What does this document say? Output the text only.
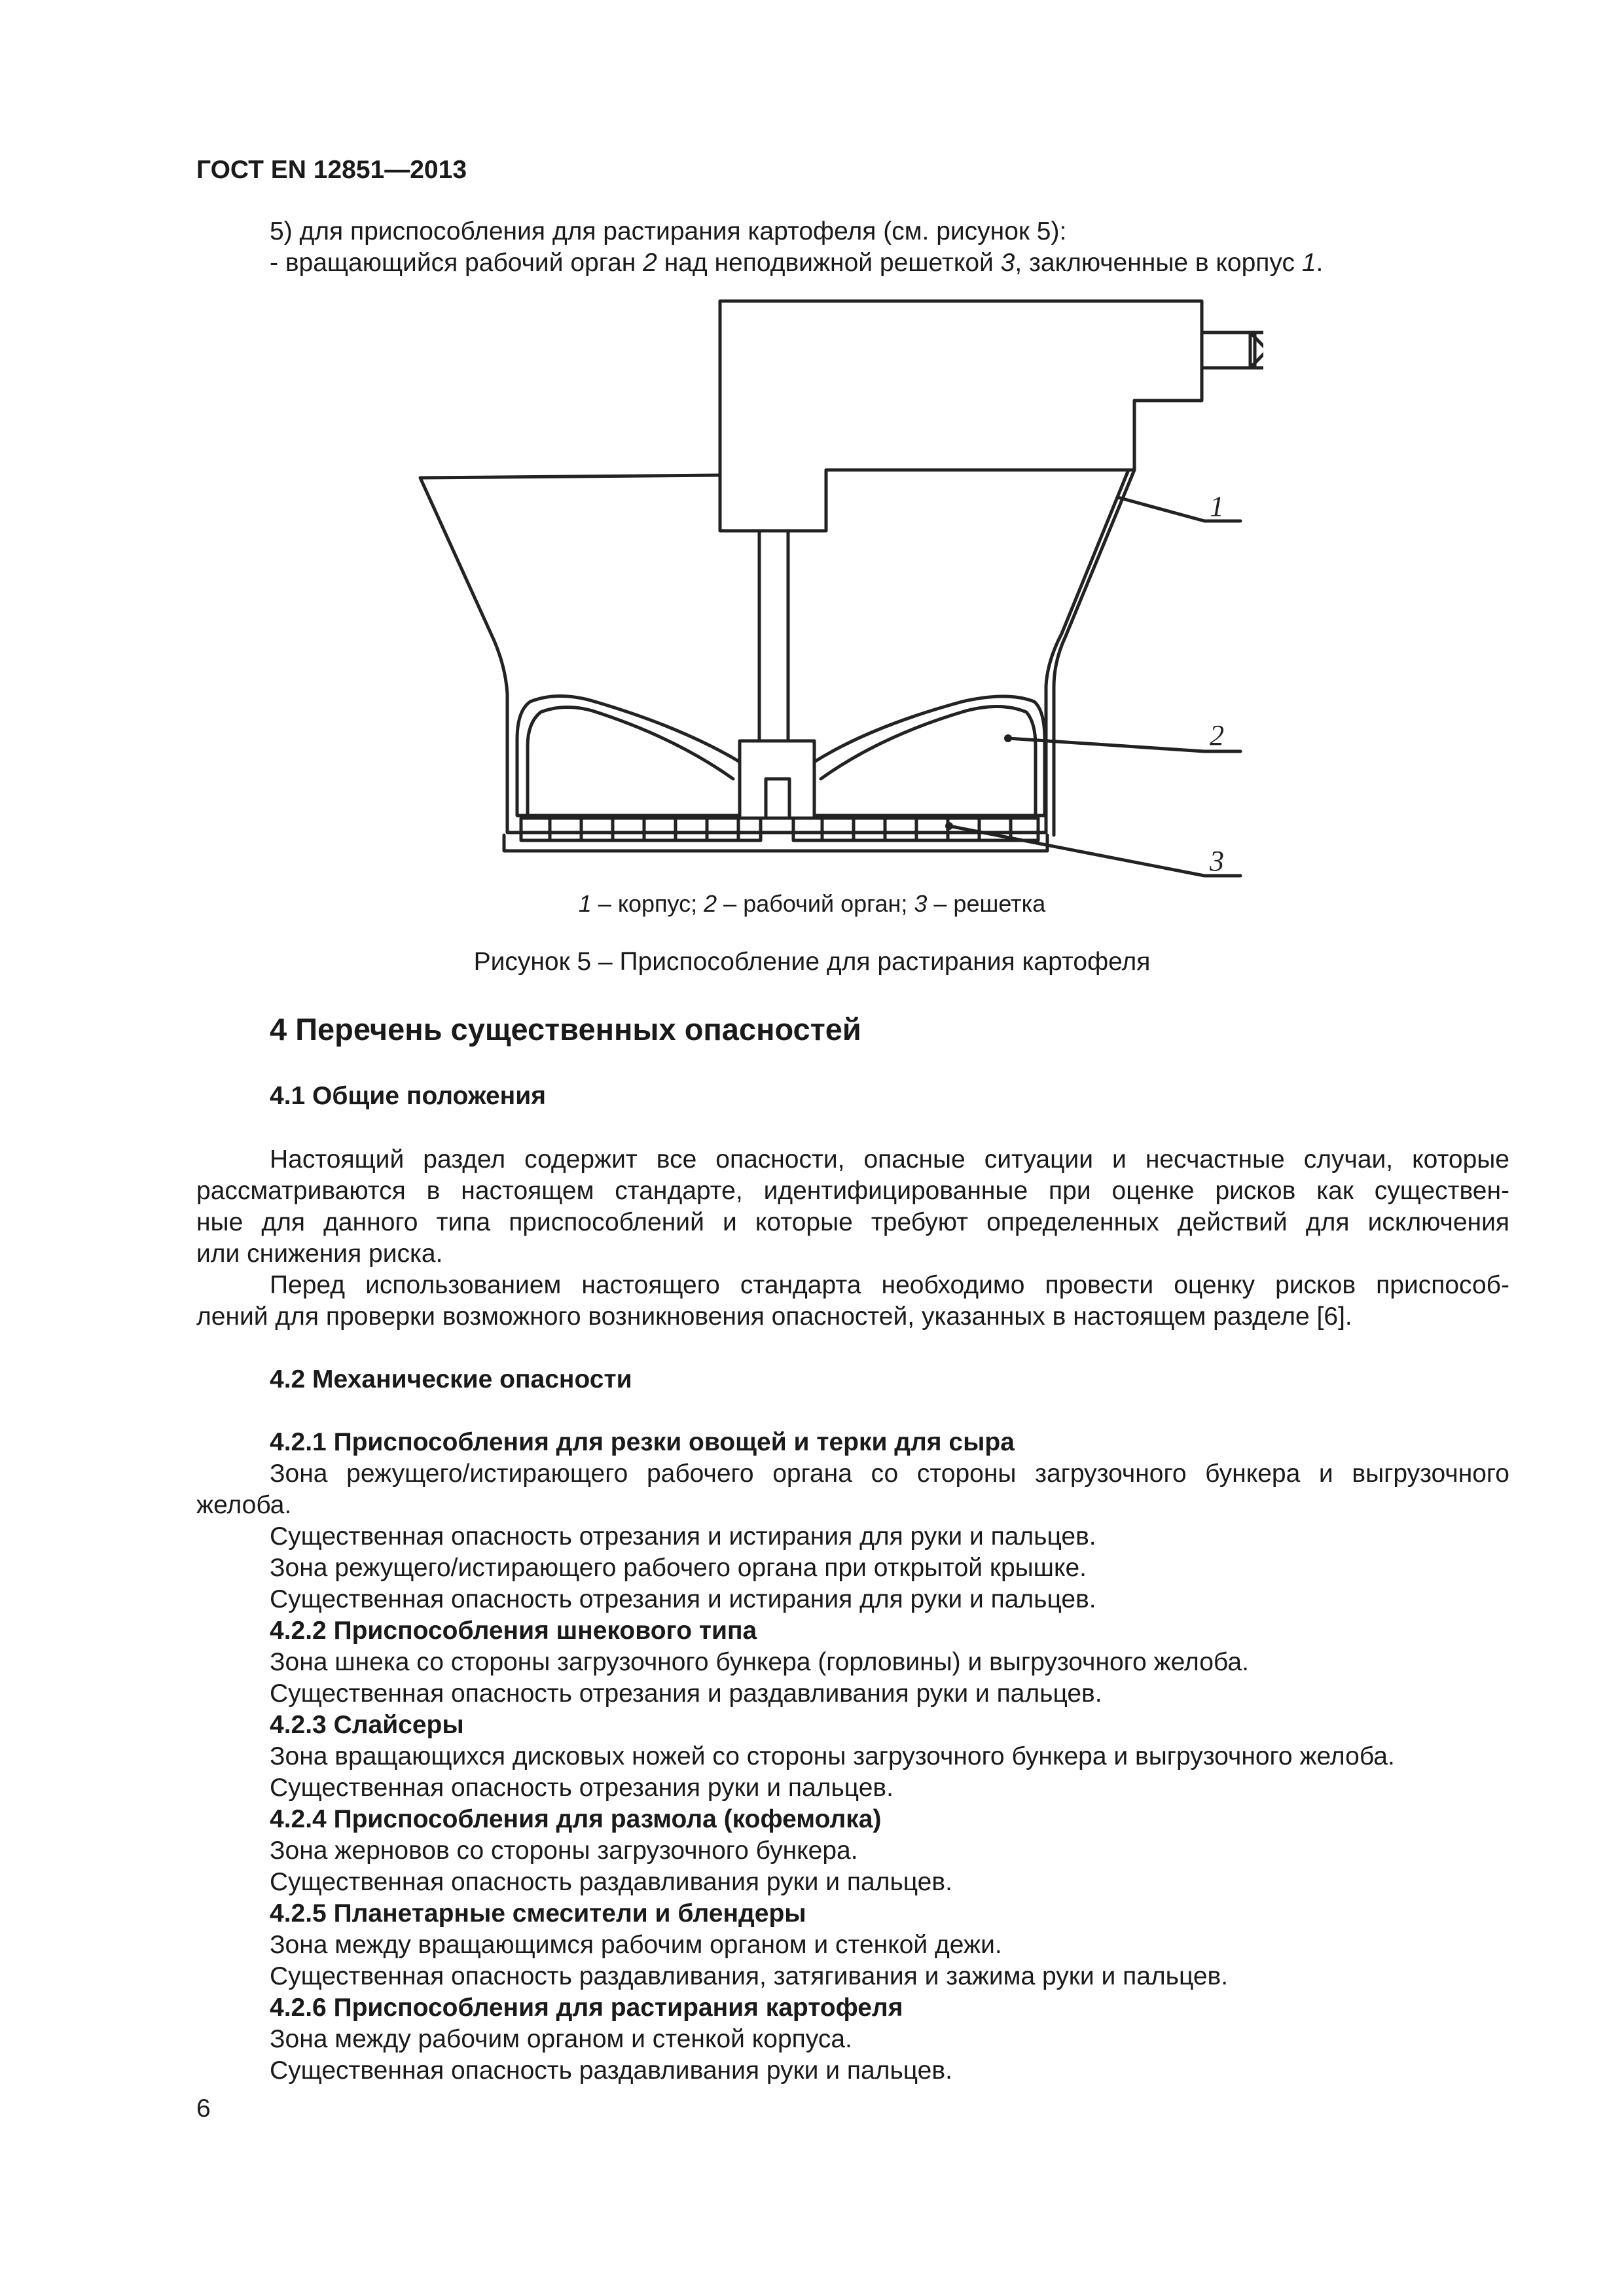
ГОСТ EN 12851—2013
5) для приспособления для растирания картофеля (см. рисунок 5):
- вращающийся рабочий орган 2 над неподвижной решеткой 3, заключенные в корпус 1.
1
2
3
1 – корпус; 2 – рабочий орган; 3 – решетка
Рисунок 5 – Приспособление для растирания картофеля
4 Перечень существенных опасностей
4.1 Общие положения
Настоящий раздел содержит все опасности, опасные ситуации и несчастные случаи, которые
рассматриваются в настоящем стандарте, идентифицированные при оценке рисков как существен-
ные для данного типа приспособлений и которые требуют определенных действий для исключения
или снижения риска.
Перед использованием настоящего стандарта необходимо провести оценку рисков приспособ-
лений для проверки возможного возникновения опасностей, указанных в настоящем разделе [6].
4.2 Механические опасности
4.2.1 Приспособления для резки овощей и терки для сыра
Зона режущего/истирающего рабочего органа со стороны загрузочного бункера и выгрузочного
желоба.
Существенная опасность отрезания и истирания для руки и пальцев.
Зона режущего/истирающего рабочего органа при открытой крышке.
Существенная опасность отрезания и истирания для руки и пальцев.
4.2.2 Приспособления шнекового типа
Зона шнека со стороны загрузочного бункера (горловины) и выгрузочного желоба.
Существенная опасность отрезания и раздавливания руки и пальцев.
4.2.3 Слайсеры
Зона вращающихся дисковых ножей со стороны загрузочного бункера и выгрузочного желоба.
Существенная опасность отрезания руки и пальцев.
4.2.4 Приспособления для размола (кофемолка)
Зона жерновов со стороны загрузочного бункера.
Существенная опасность раздавливания руки и пальцев.
4.2.5 Планетарные смесители и блендеры
Зона между вращающимся рабочим органом и стенкой дежи.
Существенная опасность раздавливания, затягивания и зажима руки и пальцев.
4.2.6 Приспособления для растирания картофеля
Зона между рабочим органом и стенкой корпуса.
Существенная опасность раздавливания руки и пальцев.
6
